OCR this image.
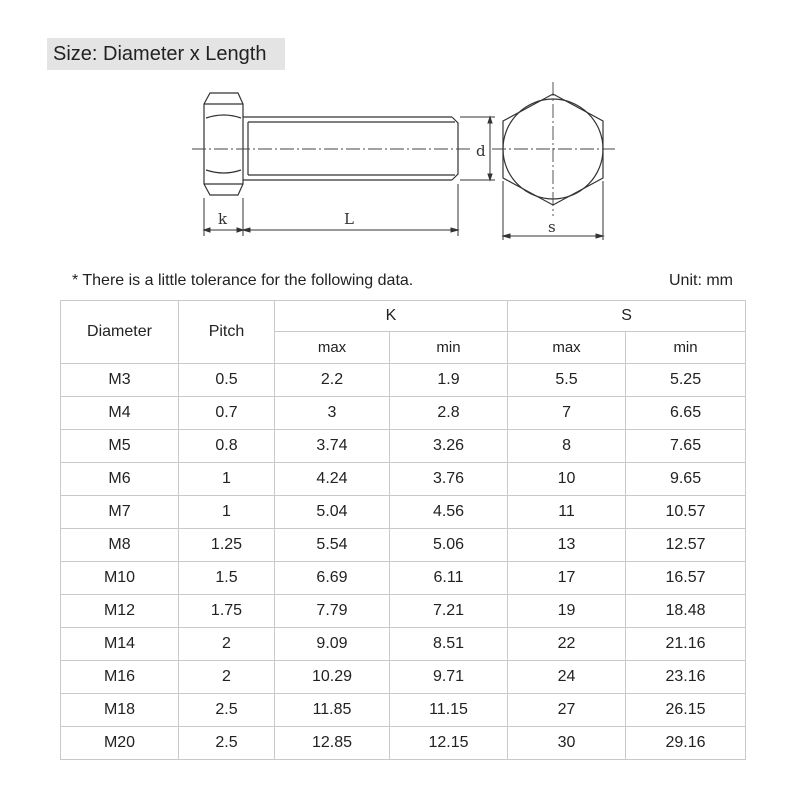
Size: Diameter x Length
k	L
d
s
* There is a little tolerance for the following data.	Unit: mm
Diameter	Pitch	K		S	
		max	min	max	min
M3	0.5	2.2	1.9	5.5	5.25
M4	0.7	3	2.8	7	6.65
M5	0.8	3.74	3.26	8	7.65
M6	1	4.24	3.76	10	9.65
M7	1	5.04	4.56	11	10.57
M8	1.25	5.54	5.06	13	12.57
M10	1.5	6.69	6.11	17	16.57
M12	1.75	7.79	7.21	19	18.48
M14	2	9.09	8.51	22	21.16
M16	2	10.29	9.71	24	23.16
M18	2.5	11.85	11.15	27	26.15
M20	2.5	12.85	12.15	30	29.16
